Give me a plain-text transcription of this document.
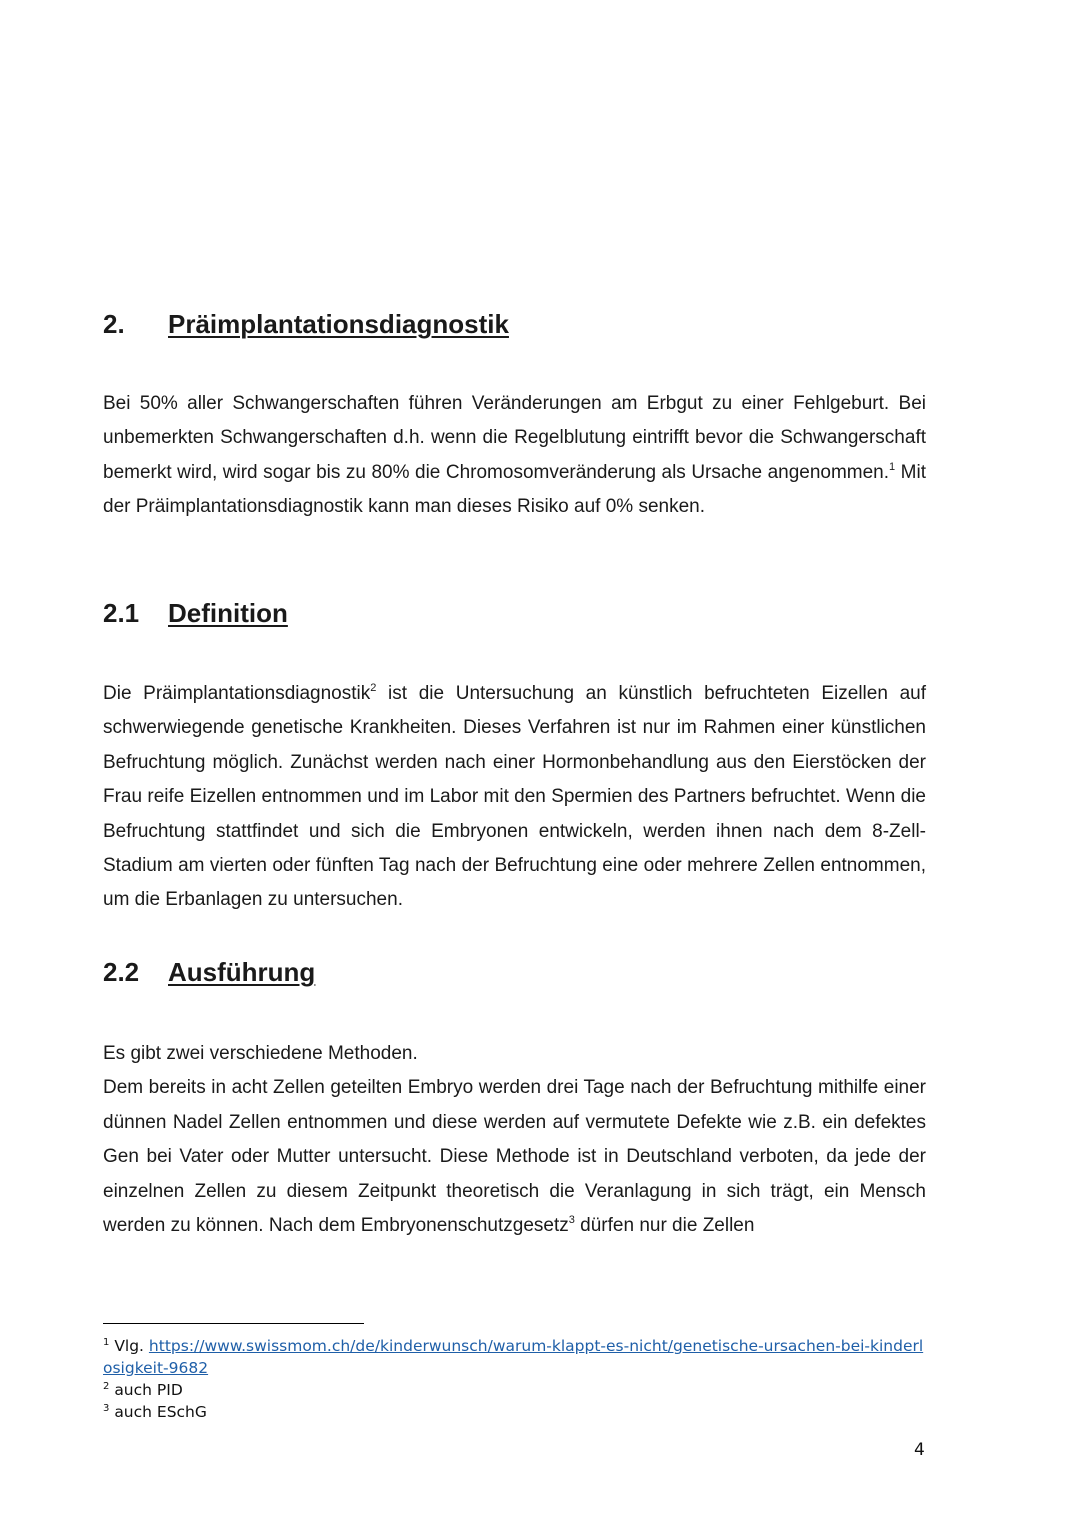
2. Präimplantationsdiagnostik

Bei 50% aller Schwangerschaften führen Veränderungen am Erbgut zu einer Fehlgeburt. Bei unbemerkten Schwangerschaften d.h. wenn die Regelblutung eintrifft bevor die Schwangerschaft bemerkt wird, wird sogar bis zu 80% die Chromosomveränderung als Ursache angenommen.$^1$ Mit der Präimplantationsdiagnostik kann man dieses Risiko auf 0% senken.

2.1 Definition

Die Präimplantationsdiagnostik$^2$ ist die Untersuchung an künstlich befruchteten Eizellen auf schwerwiegende genetische Krankheiten. Dieses Verfahren ist nur im Rahmen einer künstlichen Befruchtung möglich. Zunächst werden nach einer Hormonbehandlung aus den Eierstöcken der Frau reife Eizellen entnommen und im Labor mit den Spermien des Partners befruchtet. Wenn die Befruchtung stattfindet und sich die Embryonen entwickeln, werden ihnen nach dem 8-Zell-Stadium am vierten oder fünften Tag nach der Befruchtung eine oder mehrere Zellen entnommen, um die Erbanlagen zu untersuchen.

2.2 Ausführung
Es gibt zwei verschiedene Methoden.
Dem bereits in acht Zellen geteilten Embryo werden drei Tage nach der Befruchtung mithilfe einer dünnen Nadel Zellen entnommen und diese werden auf vermutete Defekte wie z.B. ein defektes Gen bei Vater oder Mutter untersucht. Diese Methode ist in Deutschland verboten, da jede der einzelnen Zellen zu diesem Zeitpunkt theoretisch die Veranlagung in sich trägt, ein Mensch werden zu können. Nach dem Embryonenschutzgesetz$^3$ dürfen nur die Zellen
$^1$ Vlg. https://www.swissmom.ch/de/kinderwunsch/warum-klappt-es-nicht/genetische-ursachen-bei-kinderlosigkeit-9682
$^2$ auch PID
$^3$ auch ESchG
4
